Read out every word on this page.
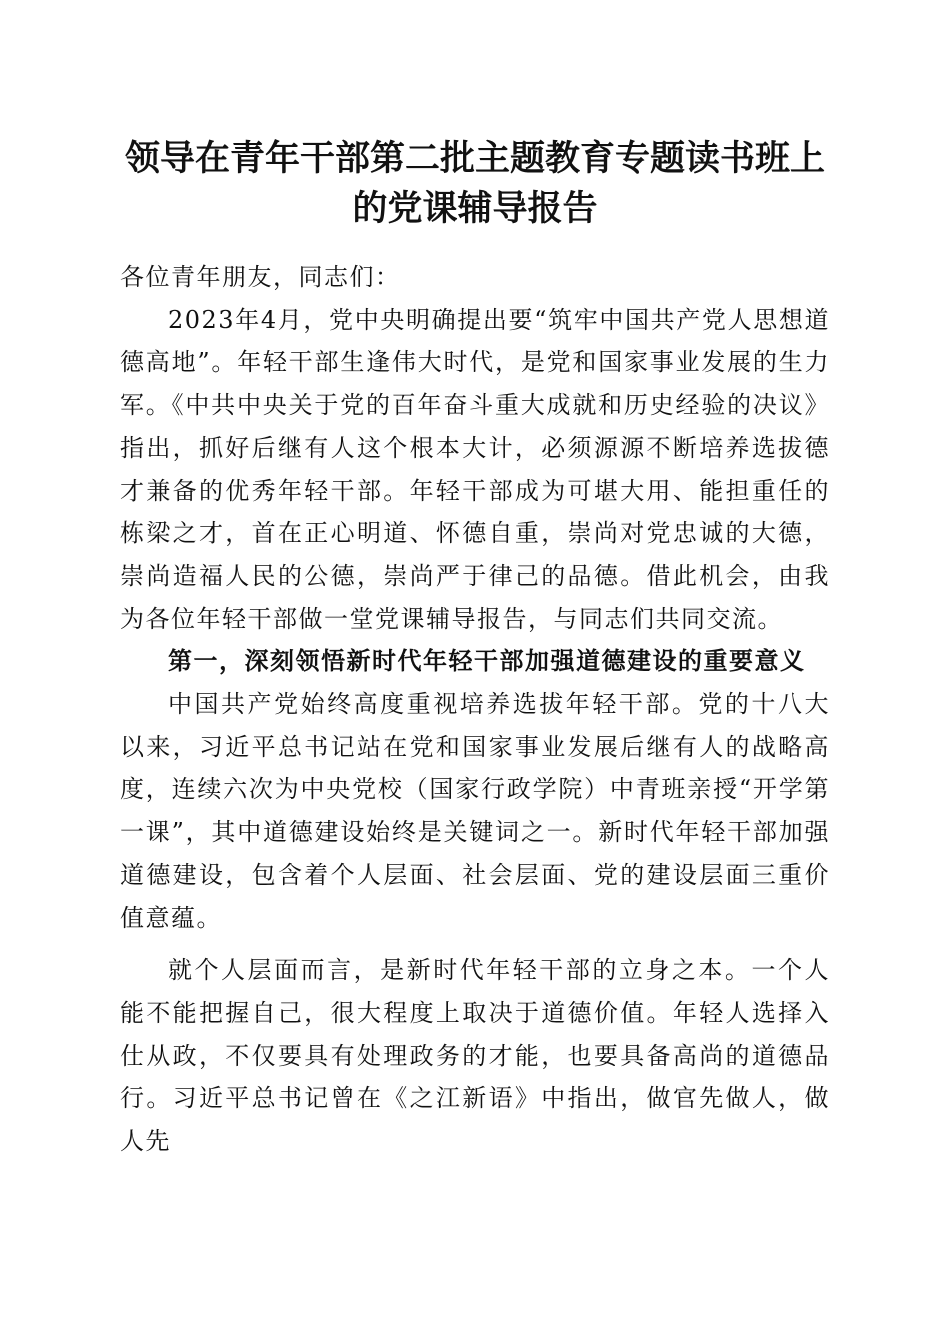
领导在青年干部第二批主题教育专题读书班上
的党课辅导报告

各位青年朋友，同志们：

2023年4月，党中央明确提出要“筑牢中国共产党人思想道德高地”。年轻干部生逢伟大时代，是党和国家事业发展的生力军。《中共中央关于党的百年奋斗重大成就和历史经验的决议》指出，抓好后继有人这个根本大计，必须源源不断培养选拔德才兼备的优秀年轻干部。年轻干部成为可堪大用、能担重任的栋梁之才，首在正心明道、怀德自重，崇尚对党忠诚的大德，崇尚造福人民的公德，崇尚严于律己的品德。借此机会，由我为各位年轻干部做一堂党课辅导报告，与同志们共同交流。

第一，深刻领悟新时代年轻干部加强道德建设的重要意义

中国共产党始终高度重视培养选拔年轻干部。党的十八大以来，习近平总书记站在党和国家事业发展后继有人的战略高度，连续六次为中央党校（国家行政学院）中青班亲授“开学第一课”，其中道德建设始终是关键词之一。新时代年轻干部加强道德建设，包含着个人层面、社会层面、党的建设层面三重价值意蕴。

就个人层面而言，是新时代年轻干部的立身之本。一个人能不能把握自己，很大程度上取决于道德价值。年轻人选择入仕从政，不仅要具有处理政务的才能，也要具备高尚的道德品行。习近平总书记曾在《之江新语》中指出，做官先做人，做人先
